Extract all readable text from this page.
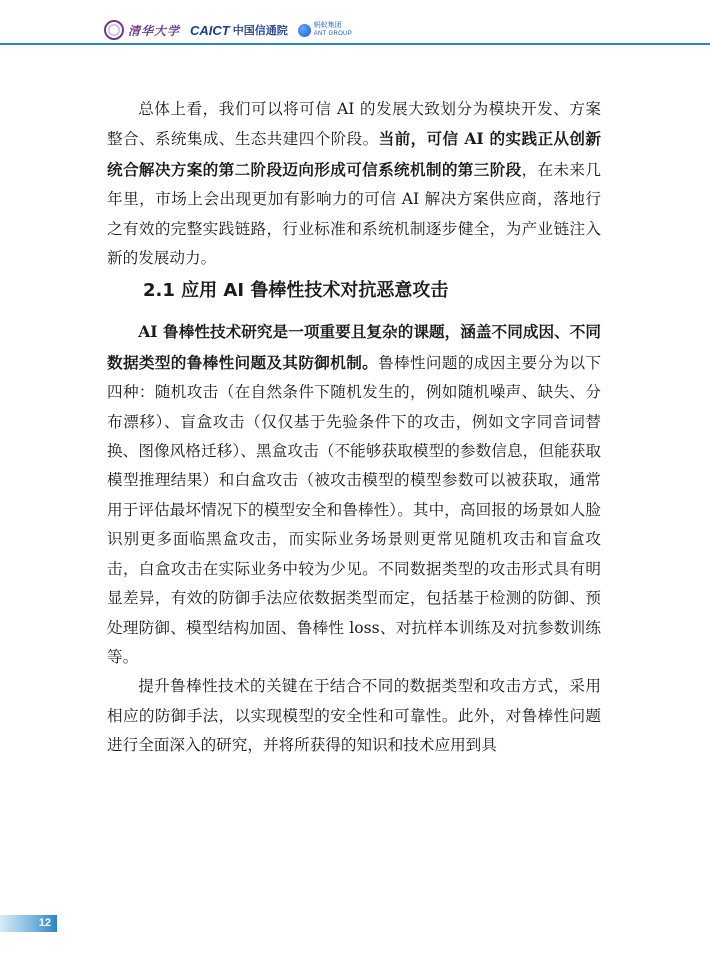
清华大学 CAICT 中国信通院	蚂蚁集团
ANT GROUP

总体上看，我们可以将可信 AI 的发展大致划分为模块开发、方案整合、系统集成、生态共建四个阶段。当前，可信 AI 的实践正从创新统合解决方案的第二阶段迈向形成可信系统机制的第三阶段，在未来几年里，市场上会出现更加有影响力的可信 AI 解决方案供应商，落地行之有效的完整实践链路，行业标准和系统机制逐步健全，为产业链注入新的发展动力。

2.1 应用 AI 鲁棒性技术对抗恶意攻击

AI 鲁棒性技术研究是一项重要且复杂的课题，涵盖不同成因、不同数据类型的鲁棒性问题及其防御机制。鲁棒性问题的成因主要分为以下四种：随机攻击（在自然条件下随机发生的，例如随机噪声、缺失、分布漂移）、盲盒攻击（仅仅基于先验条件下的攻击，例如文字同音词替换、图像风格迁移）、黑盒攻击（不能够获取模型的参数信息，但能获取模型推理结果）和白盒攻击（被攻击模型的模型参数可以被获取，通常用于评估最坏情况下的模型安全和鲁棒性）。其中，高回报的场景如人脸识别更多面临黑盒攻击，而实际业务场景则更常见随机攻击和盲盒攻击，白盒攻击在实际业务中较为少见。不同数据类型的攻击形式具有明显差异，有效的防御手法应依数据类型而定，包括基于检测的防御、预处理防御、模型结构加固、鲁棒性 loss、对抗样本训练及对抗参数训练等。

提升鲁棒性技术的关键在于结合不同的数据类型和攻击方式，采用相应的防御手法，以实现模型的安全性和可靠性。此外，对鲁棒性问题进行全面深入的研究，并将所获得的知识和技术应用到具

12
